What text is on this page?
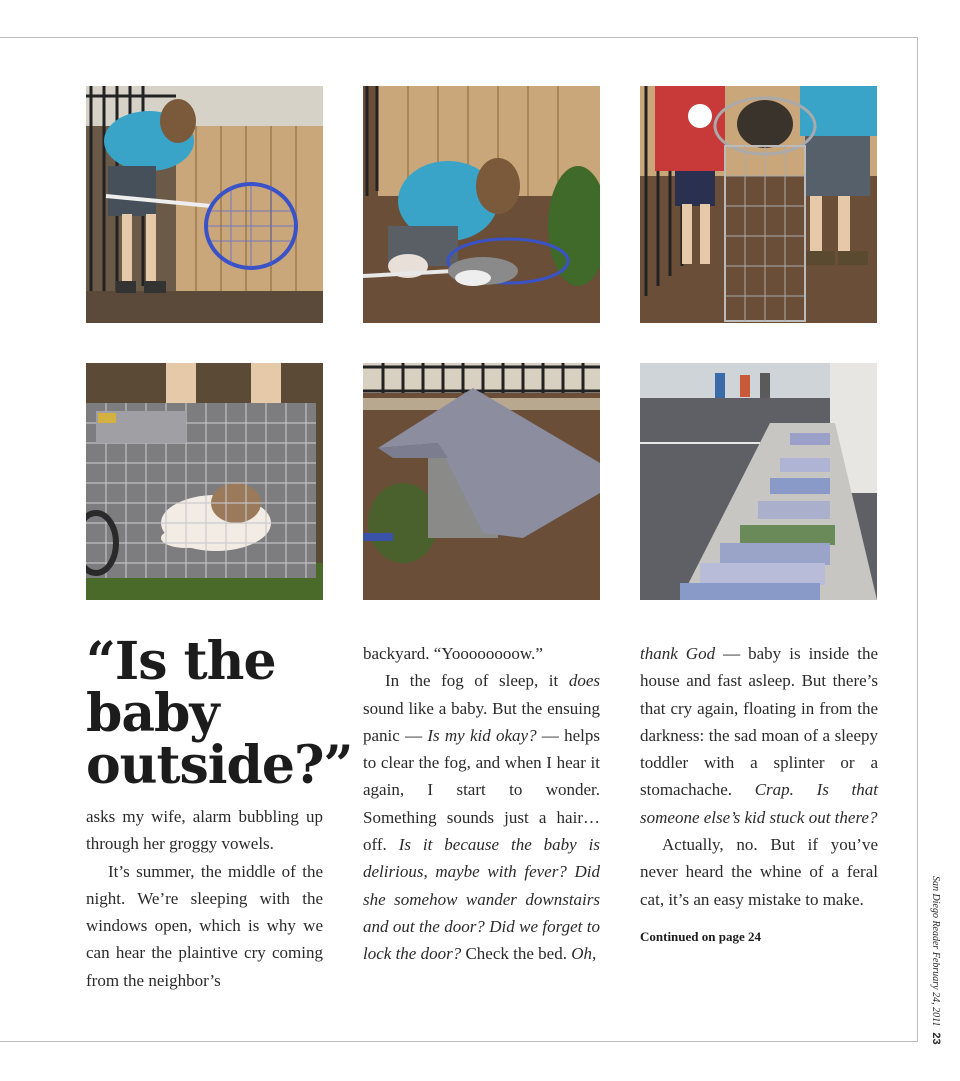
“Is the baby outside?”

asks my wife, alarm bubbling up through her groggy vowels.

It’s summer, the middle of the night. We’re sleeping with the windows open, which is why we can hear the plaintive cry coming from the neighbor’s

backyard. “Yoooooooow.”

In the fog of sleep, it does sound like a baby. But the ensuing panic — Is my kid okay? — helps to clear the fog, and when I hear it again, I start to wonder. Something sounds just a hair…off. Is it because the baby is delirious, maybe with fever? Did she somehow wander downstairs and out the door? Did we forget to lock the door? Check the bed. Oh,

thank God — baby is inside the house and fast asleep. But there’s that cry again, floating in from the darkness: the sad moan of a sleepy toddler with a splinter or a stomachache. Crap. Is that someone else’s kid stuck out there?

Actually, no. But if you’ve never heard the whine of a feral cat, it’s an easy mistake to make.

Continued on page 24	San Diego Reader February 24, 201123
